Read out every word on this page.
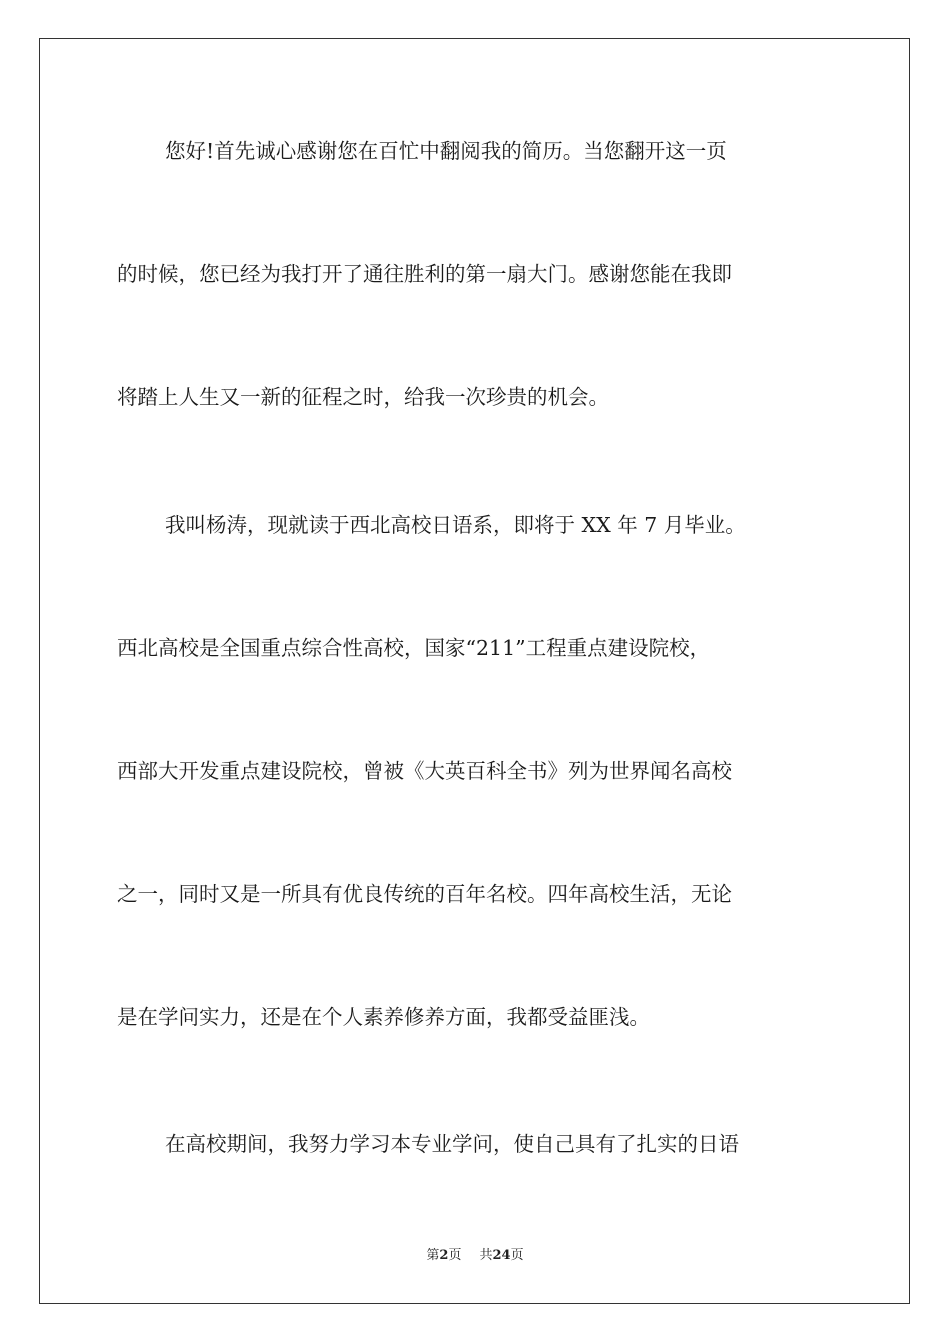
您好!首先诚心感谢您在百忙中翻阅我的简历。当您翻开这一页
的时候，您已经为我打开了通往胜利的第一扇大门。感谢您能在我即
将踏上人生又一新的征程之时，给我一次珍贵的机会。
我叫杨涛，现就读于西北高校日语系，即将于 XX 年 7 月毕业。
西北高校是全国重点综合性高校，国家“211”工程重点建设院校，
西部大开发重点建设院校，曾被《大英百科全书》列为世界闻名高校
之一，同时又是一所具有优良传统的百年名校。四年高校生活，无论
是在学问实力，还是在个人素养修养方面，我都受益匪浅。
在高校期间，我努力学习本专业学问，使自己具有了扎实的日语
第2页 共24页
